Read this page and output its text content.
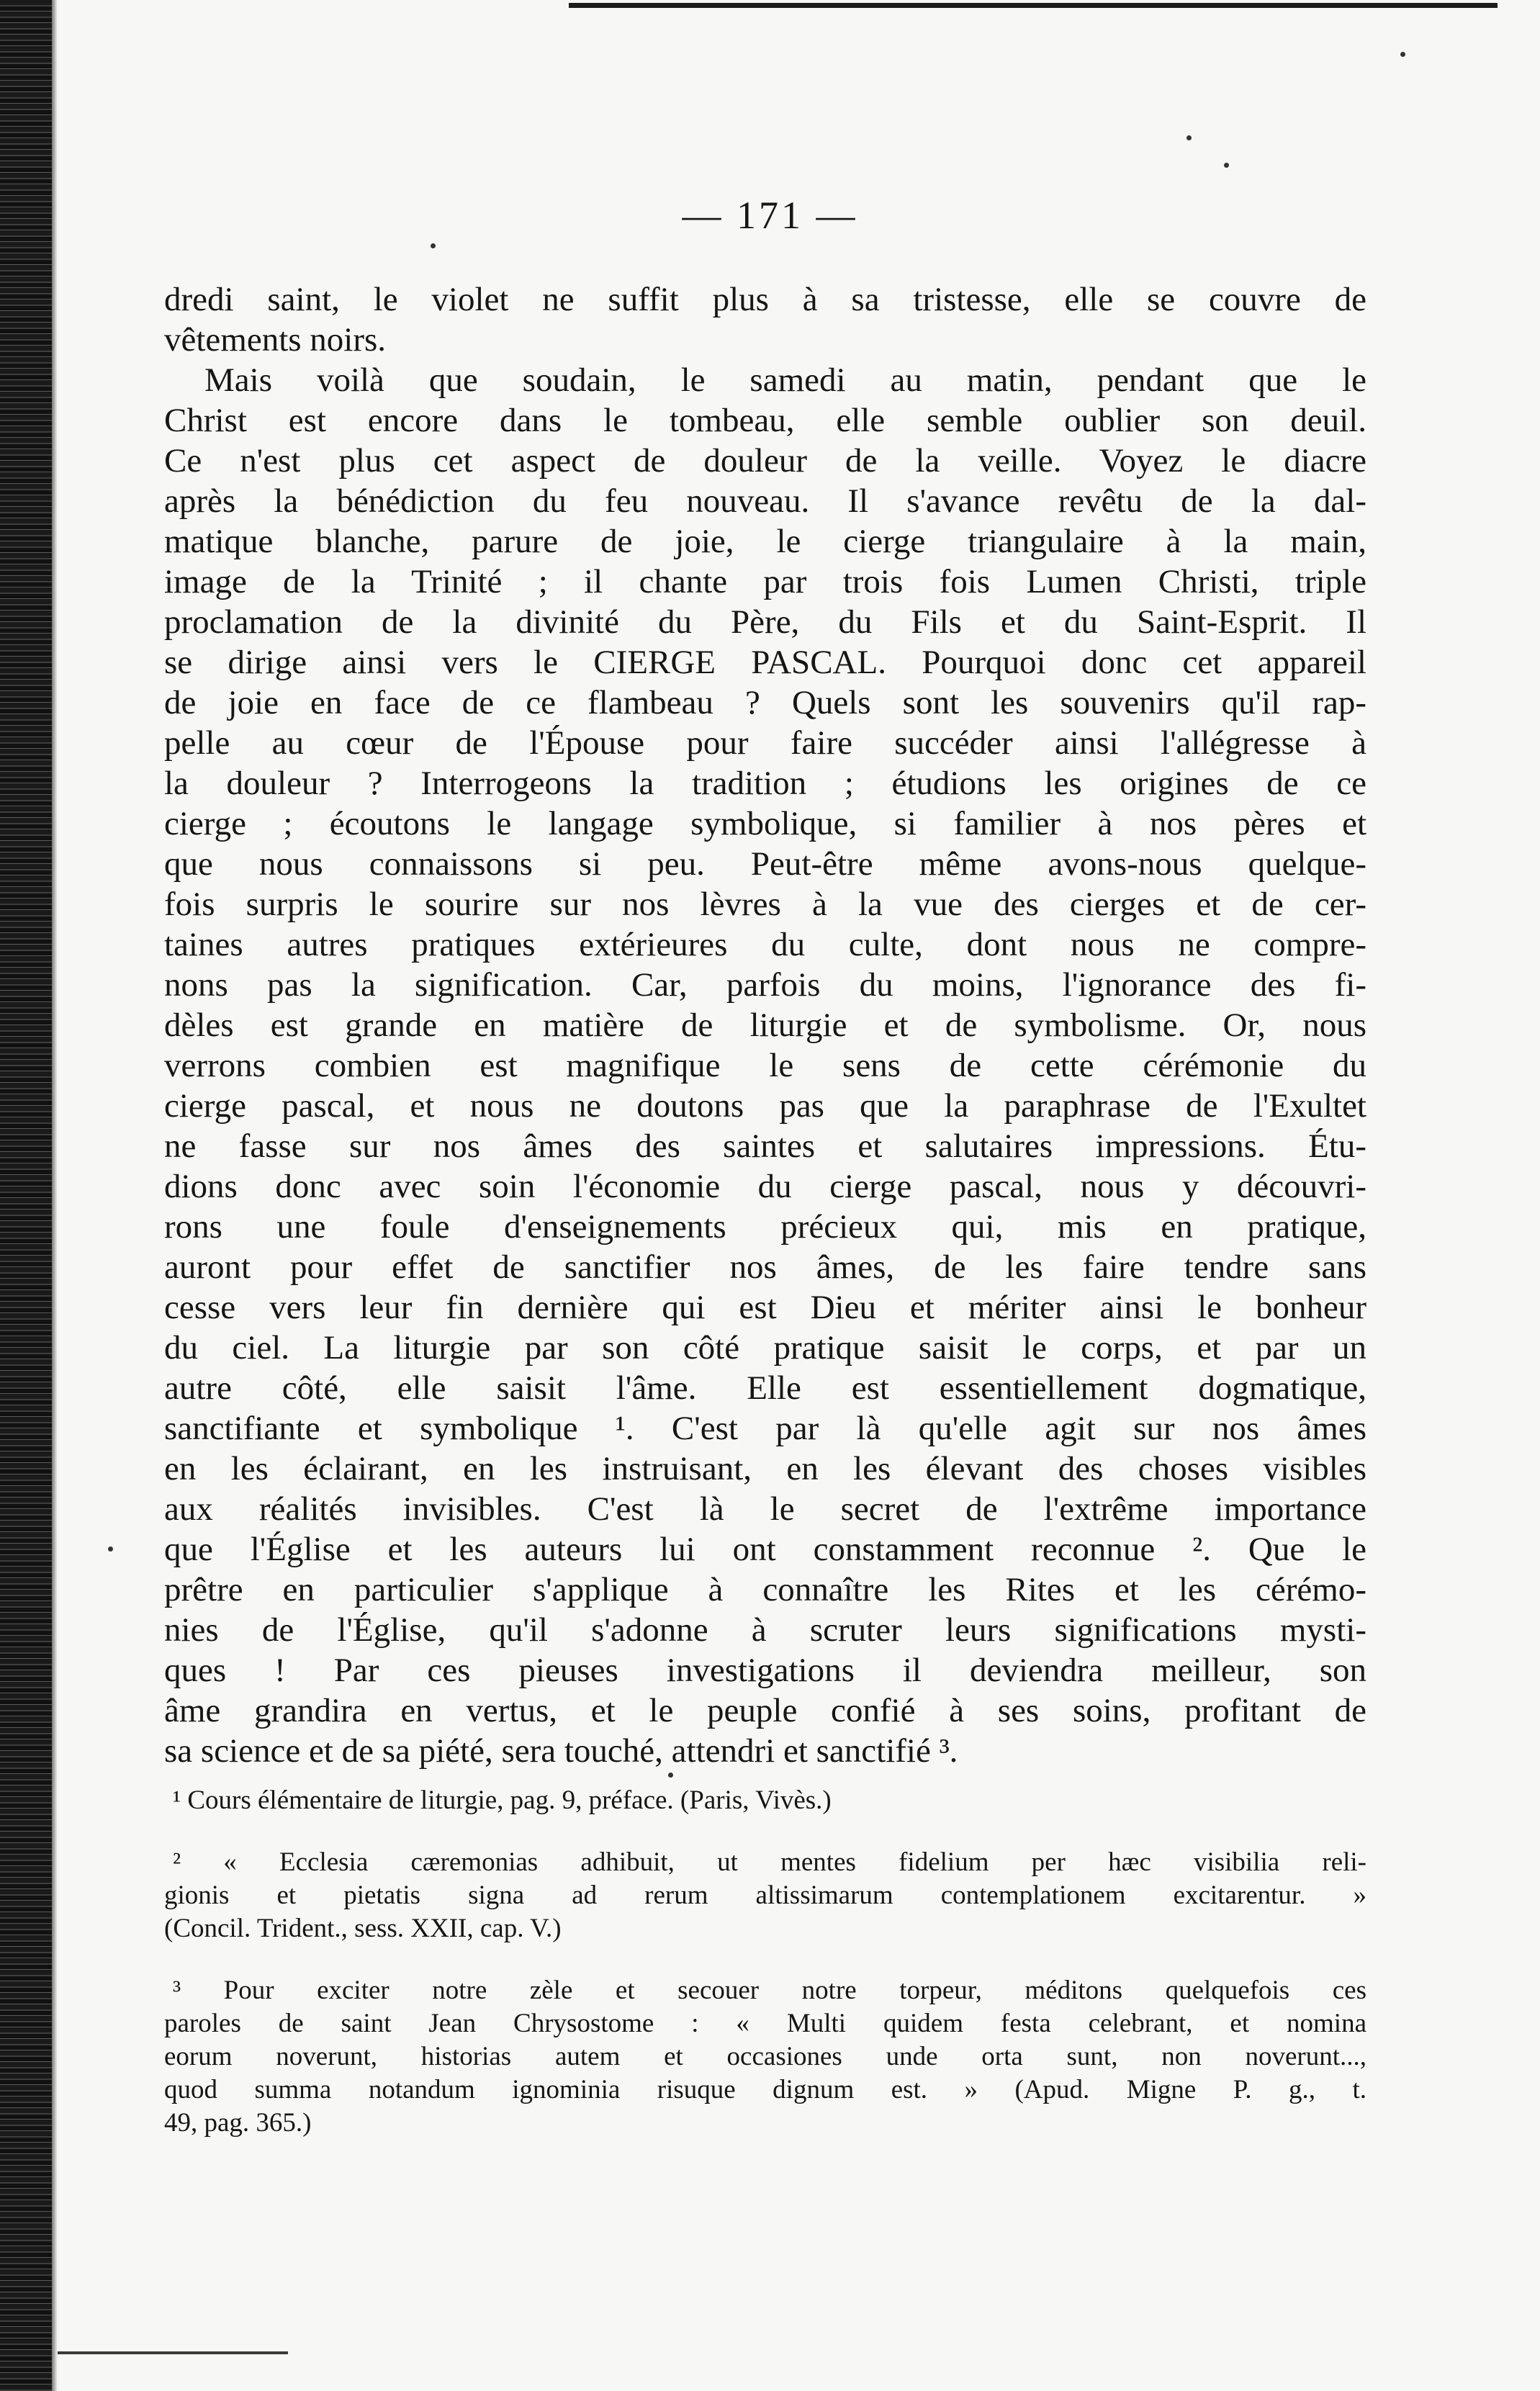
— 171 —
dredi saint, le violet ne suffit plus à sa tristesse, elle se couvre de
vêtements noirs.
Mais voilà que soudain, le samedi au matin, pendant que le
Christ est encore dans le tombeau, elle semble oublier son deuil.
Ce n'est plus cet aspect de douleur de la veille. Voyez le diacre
après la bénédiction du feu nouveau. Il s'avance revêtu de la dal-
matique blanche, parure de joie, le cierge triangulaire à la main,
image de la Trinité ; il chante par trois fois Lumen Christi, triple
proclamation de la divinité du Père, du Fils et du Saint-Esprit. Il
se dirige ainsi vers le CIERGE PASCAL. Pourquoi donc cet appareil
de joie en face de ce flambeau ? Quels sont les souvenirs qu'il rap-
pelle au cœur de l'Épouse pour faire succéder ainsi l'allégresse à
la douleur ? Interrogeons la tradition ; étudions les origines de ce
cierge ; écoutons le langage symbolique, si familier à nos pères et
que nous connaissons si peu. Peut-être même avons-nous quelque-
fois surpris le sourire sur nos lèvres à la vue des cierges et de cer-
taines autres pratiques extérieures du culte, dont nous ne compre-
nons pas la signification. Car, parfois du moins, l'ignorance des fi-
dèles est grande en matière de liturgie et de symbolisme. Or, nous
verrons combien est magnifique le sens de cette cérémonie du
cierge pascal, et nous ne doutons pas que la paraphrase de l'Exultet
ne fasse sur nos âmes des saintes et salutaires impressions. Étu-
dions donc avec soin l'économie du cierge pascal, nous y découvri-
rons une foule d'enseignements précieux qui, mis en pratique,
auront pour effet de sanctifier nos âmes, de les faire tendre sans
cesse vers leur fin dernière qui est Dieu et mériter ainsi le bonheur
du ciel. La liturgie par son côté pratique saisit le corps, et par un
autre côté, elle saisit l'âme. Elle est essentiellement dogmatique,
sanctifiante et symbolique ¹. C'est par là qu'elle agit sur nos âmes
en les éclairant, en les instruisant, en les élevant des choses visibles
aux réalités invisibles. C'est là le secret de l'extrême importance
que l'Église et les auteurs lui ont constamment reconnue ². Que le
prêtre en particulier s'applique à connaître les Rites et les cérémo-
nies de l'Église, qu'il s'adonne à scruter leurs significations mysti-
ques ! Par ces pieuses investigations il deviendra meilleur, son
âme grandira en vertus, et le peuple confié à ses soins, profitant de
sa science et de sa piété, sera touché, attendri et sanctifié ³.
¹ Cours élémentaire de liturgie, pag. 9, préface. (Paris, Vivès.)
² « Ecclesia cæremonias adhibuit, ut mentes fidelium per hæc visibilia reli-
gionis et pietatis signa ad rerum altissimarum contemplationem excitarentur. »
(Concil. Trident., sess. XXII, cap. V.)
³ Pour exciter notre zèle et secouer notre torpeur, méditons quelquefois ces
paroles de saint Jean Chrysostome : « Multi quidem festa celebrant, et nomina
eorum noverunt, historias autem et occasiones unde orta sunt, non noverunt...,
quod summa notandum ignominia risuque dignum est. » (Apud. Migne P. g., t.
49, pag. 365.)
